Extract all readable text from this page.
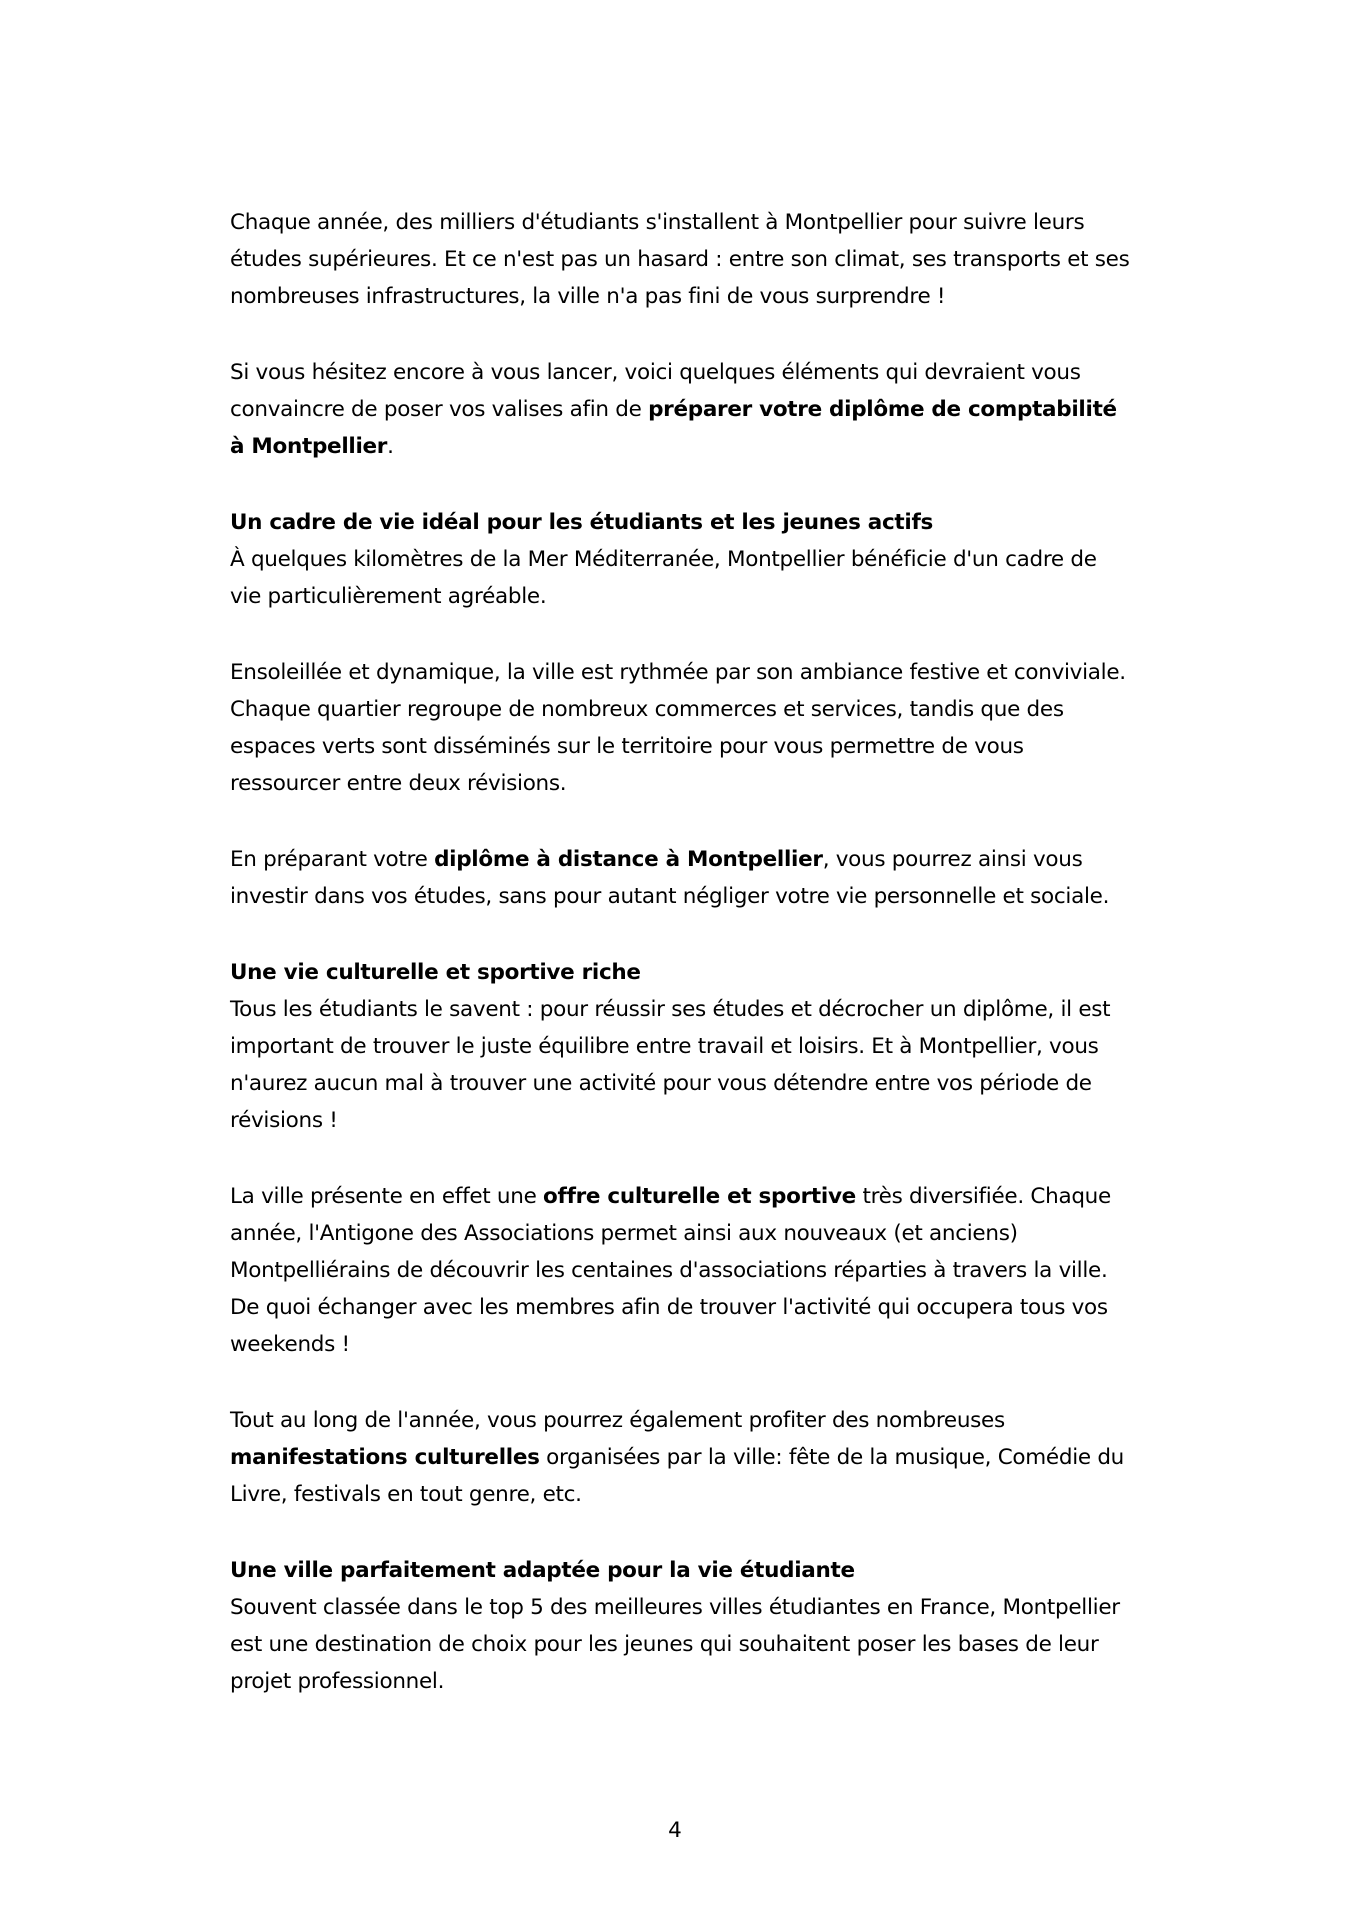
Chaque année, des milliers d'étudiants s'installent à Montpellier pour suivre leurs études supérieures. Et ce n'est pas un hasard : entre son climat, ses transports et ses nombreuses infrastructures, la ville n'a pas fini de vous surprendre !

Si vous hésitez encore à vous lancer, voici quelques éléments qui devraient vous convaincre de poser vos valises afin de préparer votre diplôme de comptabilité à Montpellier.

Un cadre de vie idéal pour les étudiants et les jeunes actifs

À quelques kilomètres de la Mer Méditerranée, Montpellier bénéficie d'un cadre de vie particulièrement agréable.

Ensoleillée et dynamique, la ville est rythmée par son ambiance festive et conviviale. Chaque quartier regroupe de nombreux commerces et services, tandis que des espaces verts sont disséminés sur le territoire pour vous permettre de vous ressourcer entre deux révisions.

En préparant votre diplôme à distance à Montpellier, vous pourrez ainsi vous investir dans vos études, sans pour autant négliger votre vie personnelle et sociale.

Une vie culturelle et sportive riche

Tous les étudiants le savent : pour réussir ses études et décrocher un diplôme, il est important de trouver le juste équilibre entre travail et loisirs. Et à Montpellier, vous n'aurez aucun mal à trouver une activité pour vous détendre entre vos période de révisions !

La ville présente en effet une offre culturelle et sportive très diversifiée. Chaque année, l'Antigone des Associations permet ainsi aux nouveaux (et anciens) Montpelliérains de découvrir les centaines d'associations réparties à travers la ville. De quoi échanger avec les membres afin de trouver l'activité qui occupera tous vos weekends !

Tout au long de l'année, vous pourrez également profiter des nombreuses manifestations culturelles organisées par la ville: fête de la musique, Comédie du Livre, festivals en tout genre, etc.

Une ville parfaitement adaptée pour la vie étudiante

Souvent classée dans le top 5 des meilleures villes étudiantes en France, Montpellier est une destination de choix pour les jeunes qui souhaitent poser les bases de leur projet professionnel.

4
